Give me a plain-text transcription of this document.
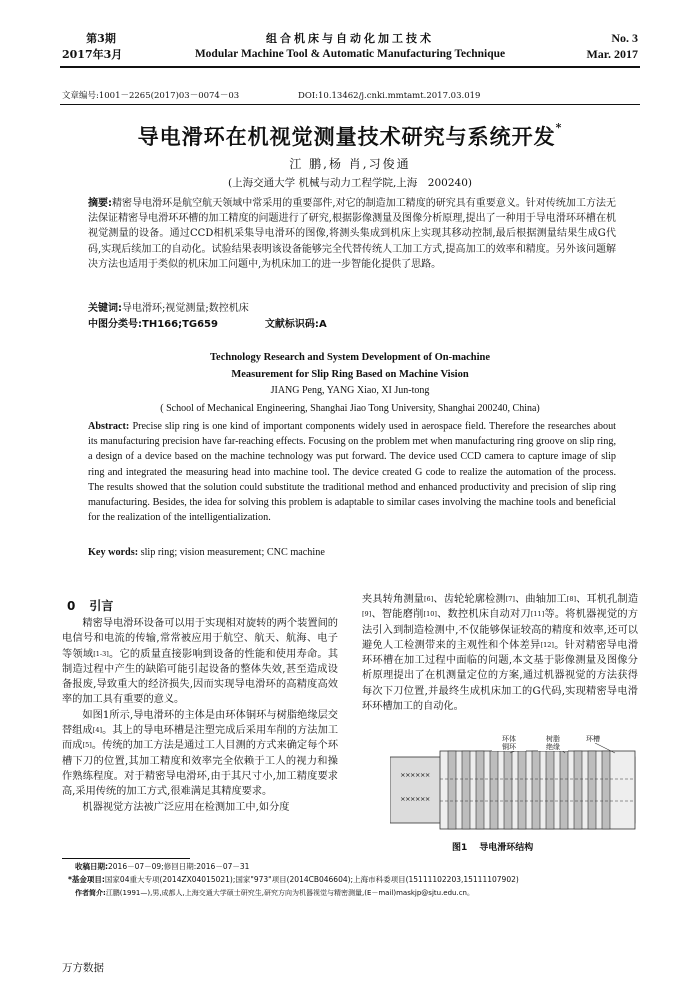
第3期
2017年3月
组合机床与自动化加工技术
Modular Machine Tool & Automatic Manufacturing Technique
No. 3
Mar. 2017
文章编号:1001－2265(2017)03－0074－03	DOI:10.13462/j.cnki.mmtamt.2017.03.019
导电滑环在机视觉测量技术研究与系统开发*
江 鹏,杨 肖,习俊通
(上海交通大学 机械与动力工程学院,上海　200240)
摘要:精密导电滑环是航空航天领域中常采用的重要部件,对它的制造加工精度的研究具有重要意义。针对传统加工方法无法保证精密导电滑环环槽的加工精度的问题进行了研究,根据影像测量及图像分析原理,提出了一种用于导电滑环环槽在机视觉测量的设备。通过CCD相机采集导电滑环的图像,将测头集成到机床上实现其移动控制,最后根据测量结果生成G代码,实现后续加工的自动化。试验结果表明该设备能够完全代替传统人工加工方式,提高加工的效率和精度。另外该问题解决方法也适用于类似的机床加工问题中,为机床加工的进一步智能化提供了思路。
关键词:导电滑环;视觉测量;数控机床
中图分类号:TH166;TG659	文献标识码:A
Technology Research and System Development of On-machine
Measurement for Slip Ring Based on Machine Vision
JIANG Peng, YANG Xiao, XI Jun-tong
( School of Mechanical Engineering, Shanghai Jiao Tong University, Shanghai 200240, China)
Abstract: Precise slip ring is one kind of important components widely used in aerospace field. Therefore the researches about its manufacturing precision have far-reaching effects. Focusing on the problem met when manufacturing ring groove on slip ring, a design of a device based on the machine technology was put forward. The device used CCD camera to capture image of slip ring and integrated the measuring head into machine tool. The device created G code to realize the automation of the process. The results showed that the solution could substitute the traditional method and enhanced productivity and precision of slip ring manufacturing. Besides, the idea for solving this problem is adaptable to similar cases involving the machine tools and beneficial for the realization of the intelligentialization.
Key words: slip ring; vision measurement; CNC machine
0 引言

精密导电滑环设备可以用于实现相对旋转的两个装置间的电信号和电流的传输,常常被应用于航空、航天、航海、电子等领域[1-3]。它的质量直接影响到设备的性能和使用寿命。其制造过程中产生的缺陷可能引起设备的整体失效,甚至造成设备报废,导致重大的经济损失,因而实现导电滑环的高精度高效率的加工具有重要的意义。

如图1所示,导电滑环的主体是由环体铜环与树脂绝缘层交替组成[4]。其上的导电环槽是注塑完成后采用车削的方法加工而成[5]。传统的加工方法是通过工人目测的方式来确定每个环槽下刀的位置,其加工精度和效率完全依赖于工人的视力和操作熟练程度。对于精密导电滑环,由于其尺寸小,加工精度要求高,采用传统的加工方式,很难满足其精度要求。

机器视觉方法被广泛应用在检测加工中,如分度

夹具转角测量[6]、齿轮轮廓检测[7]、曲轴加工[8]、耳机孔制造[9]、智能磨削[10]、数控机床自动对刀[11]等。将机器视觉的方法引入到制造检测中,不仅能够保证较高的精度和效率,还可以避免人工检测带来的主观性和个体差异[12]。针对精密导电滑环环槽在加工过程中面临的问题,本文基于影像测量及图像分析原理提出了在机测量定位的方案,通过机器视觉的方法获得每次下刀位置,并最终生成机床加工的G代码,实现精密导电滑环环槽加工的自动化。

环体
铜环
树脂
绝缘
环槽
××××××
××××××
图1 导电滑环结构
收稿日期:2016－07－09;修回日期:2016－07－31
*基金项目:国家04重大专项(2014ZX04015021);国家"973"项目(2014CB046604);上海市科委项目(15111102203,15111107902)
作者简介:江鹏(1991—),男,成都人,上海交通大学硕士研究生,研究方向为机器视觉与精密测量,(E－mail)maskjp@sjtu.edu.cn。
万方数据
